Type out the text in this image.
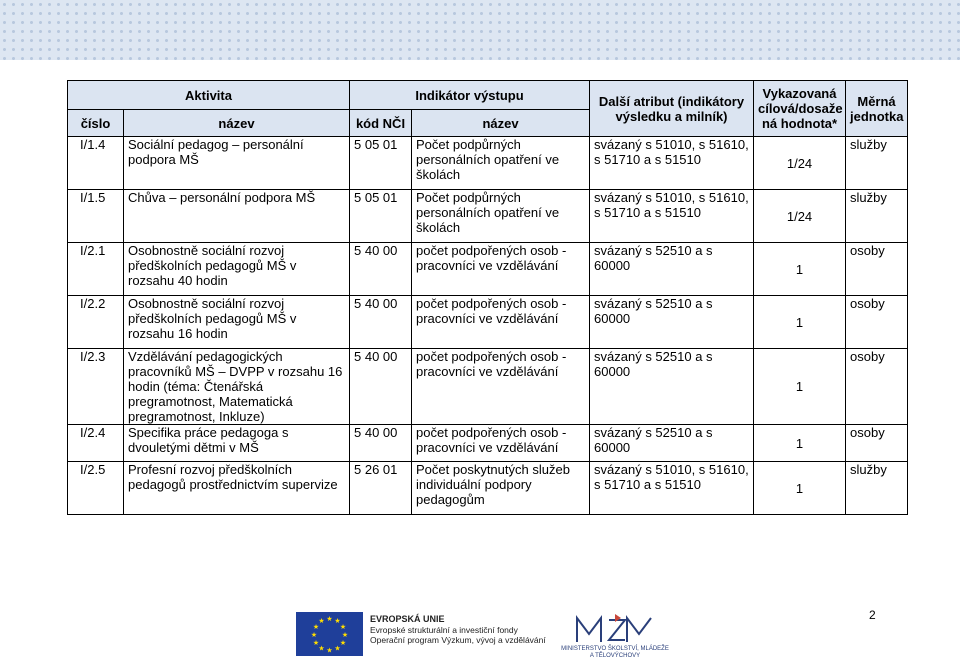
Aktivita		Indikátor výstupu		Další atribut (indikátory výsledku a milník)	Vykazovaná cílová/dosaže ná hodnota*	Měrná jednotka
číslo	název	kód NČI	název			
I/1.4	Sociální pedagog – personální podpora MŠ	5 05 01	Počet podpůrných personálních opatření ve školách	svázaný s 51010, s 51610, s 51710 a s 51510	1/24	služby
I/1.5	Chůva – personální podpora MŠ	5 05 01	Počet podpůrných personálních opatření ve školách	svázaný s 51010, s 51610, s 51710 a s 51510	1/24	služby
I/2.1	Osobnostně sociální rozvoj předškolních pedagogů MŠ v rozsahu 40 hodin	5 40 00	počet podpořených osob - pracovníci ve vzdělávání	svázaný s 52510 a s 60000	1	osoby
I/2.2	Osobnostně sociální rozvoj předškolních pedagogů MŠ v rozsahu 16 hodin	5 40 00	počet podpořených osob - pracovníci ve vzdělávání	svázaný s 52510 a s 60000	1	osoby
I/2.3	Vzdělávání pedagogických pracovníků MŠ – DVPP v rozsahu 16 hodin (téma: Čtenářská pregramotnost, Matematická pregramotnost, Inkluze)	5 40 00	počet podpořených osob - pracovníci ve vzdělávání	svázaný s 52510 a s 60000	1	osoby
I/2.4	Specifika práce pedagoga s dvouletými dětmi v MŠ	5 40 00	počet podpořených osob - pracovníci ve vzdělávání	svázaný s 52510 a s 60000	1	osoby
I/2.5	Profesní rozvoj předškolních pedagogů prostřednictvím supervize	5 26 01	Počet poskytnutých služeb individuální podpory pedagogům	svázaný s 51010, s 51610, s 51710 a s 51510	1	služby
2
★ ★
★
★
★
★
★
★
★
★
★
★	EVROPSKÁ UNIE
Evropské strukturální a investiční fondy
Operační program Výzkum, vývoj a vzdělávání
MINISTERSTVO ŠKOLSTVÍ, MLÁDEŽE A TĚLOVÝCHOVY
